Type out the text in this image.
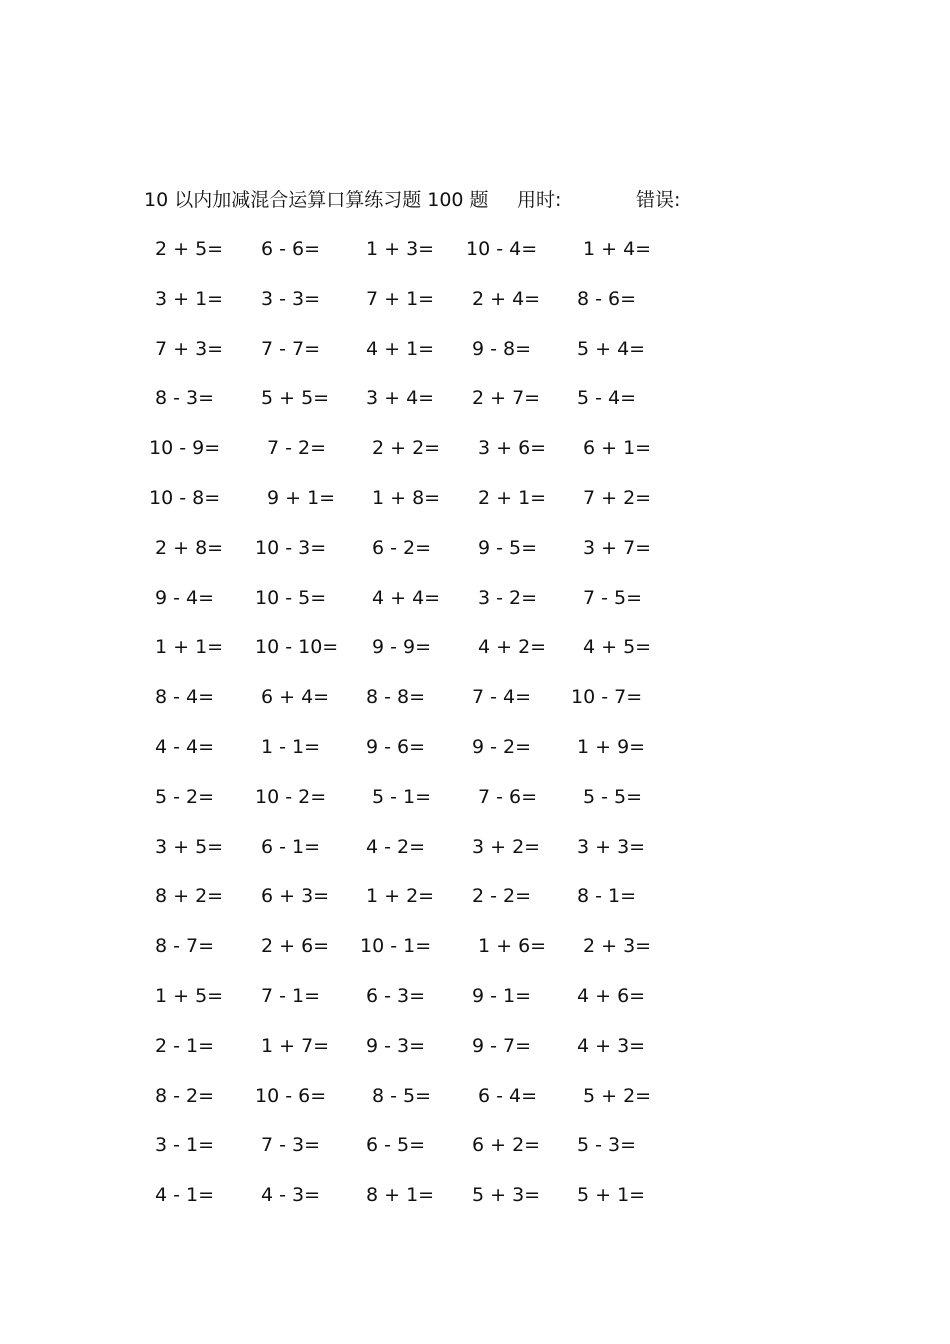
10 以内加减混合运算口算练习题 100 题 用时:	错误:
2 + 5= 6 - 6= 1 + 3= 10 - 4= 1 + 4=
3 + 1= 3 - 3= 7 + 1= 2 + 4= 8 - 6=
7 + 3= 7 - 7= 4 + 1= 9 - 8= 5 + 4=
8 - 3= 5 + 5= 3 + 4= 2 + 7= 5 - 4=
10 - 9= 7 - 2= 2 + 2= 3 + 6= 6 + 1=
10 - 8= 9 + 1= 1 + 8= 2 + 1= 7 + 2=
2 + 8= 10 - 3= 6 - 2= 9 - 5= 3 + 7=
9 - 4= 10 - 5= 4 + 4= 3 - 2= 7 - 5=
1 + 1= 10 - 10= 9 - 9= 4 + 2= 4 + 5=
8 - 4= 6 + 4= 8 - 8= 7 - 4= 10 - 7=
4 - 4= 1 - 1= 9 - 6= 9 - 2= 1 + 9=
5 - 2= 10 - 2= 5 - 1= 7 - 6= 5 - 5=
3 + 5= 6 - 1= 4 - 2= 3 + 2= 3 + 3=
8 + 2= 6 + 3= 1 + 2= 2 - 2= 8 - 1=
8 - 7= 2 + 6= 10 - 1= 1 + 6= 2 + 3=
1 + 5= 7 - 1= 6 - 3= 9 - 1= 4 + 6=
2 - 1= 1 + 7= 9 - 3= 9 - 7= 4 + 3=
8 - 2= 10 - 6= 8 - 5= 6 - 4= 5 + 2=
3 - 1= 7 - 3= 6 - 5= 6 + 2= 5 - 3=
4 - 1= 4 - 3= 8 + 1= 5 + 3= 5 + 1=
